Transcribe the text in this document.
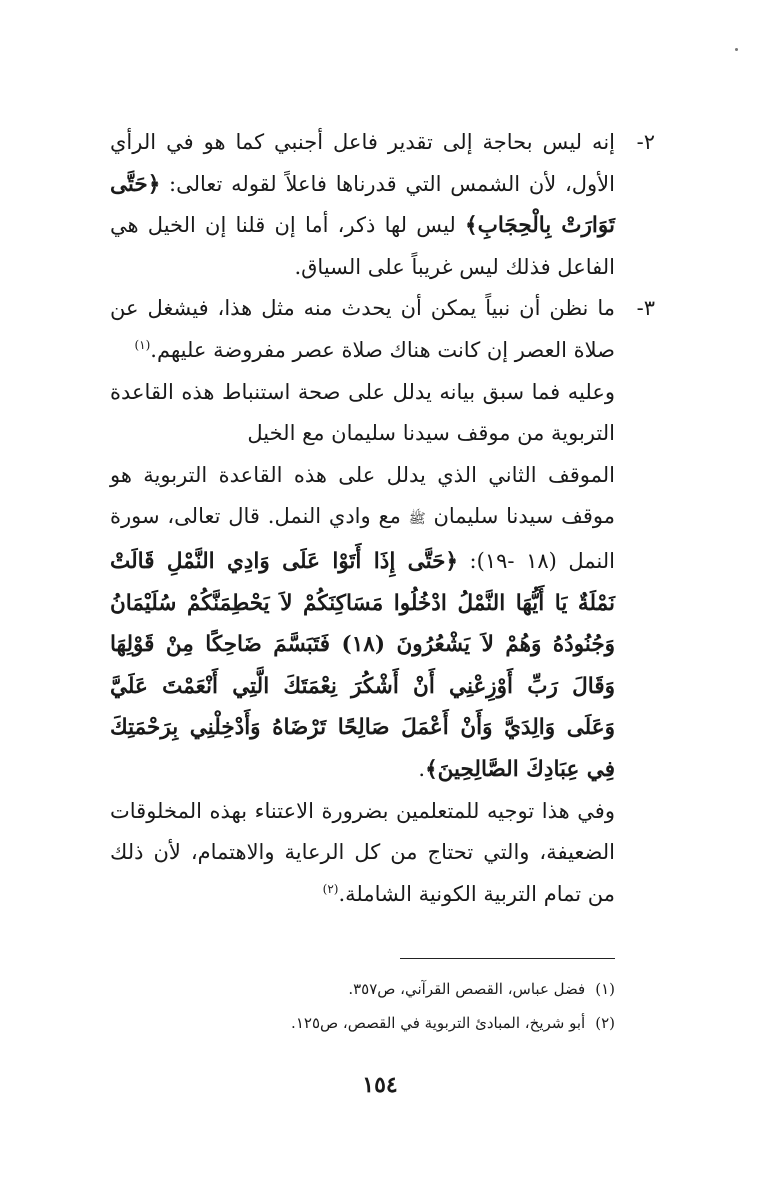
٢-

إنه ليس بحاجة إلى تقدير فاعل أجنبي كما هو في الرأي الأول، لأن الشمس التي قدرناها فاعلاً لقوله تعالى: ﴿حَتَّى تَوَارَتْ بِالْحِجَابِ﴾ ليس لها ذكر، أما إن قلنا إن الخيل هي الفاعل فذلك ليس غريباً على السياق.

٣-

ما نظن أن نبياً يمكن أن يحدث منه مثل هذا، فيشغل عن صلاة العصر إن كانت هناك صلاة عصر مفروضة عليهم.$^{(١)}$

وعليه فما سبق بيانه يدلل على صحة استنباط هذه القاعدة التربوية من موقف سيدنا سليمان مع الخيل

الموقف الثاني الذي يدلل على هذه القاعدة التربوية هو موقف سيدنا سليمان ﷺ مع وادي النمل. قال تعالى، سورة النمل (١٨ -١٩): ﴿حَتَّى إِذَا أَتَوْا عَلَى وَادِي النَّمْلِ قَالَتْ نَمْلَةٌ يَا أَيُّهَا النَّمْلُ ادْخُلُوا مَسَاكِنَكُمْ لاَ يَحْطِمَنَّكُمْ سُلَيْمَانُ وَجُنُودُهُ وَهُمْ لاَ يَشْعُرُونَ (١٨) فَتَبَسَّمَ ضَاحِكًا مِنْ قَوْلِهَا وَقَالَ رَبِّ أَوْزِعْنِي أَنْ أَشْكُرَ نِعْمَتَكَ الَّتِي أَنْعَمْتَ عَلَيَّ وَعَلَى وَالِدَيَّ وَأَنْ أَعْمَلَ صَالِحًا تَرْضَاهُ وَأَدْخِلْنِي بِرَحْمَتِكَ فِي عِبَادِكَ الصَّالِحِينَ﴾.

وفي هذا توجيه للمتعلمين بضرورة الاعتناء بهذه المخلوقات الضعيفة، والتي تحتاج من كل الرعاية والاهتمام، لأن ذلك من تمام التربية الكونية الشاملة.$^{(٢)}$

(١)فضل عباس، القصص القرآني، ص٣٥٧.
(٢)أبو شريخ، المبادئ التربوية في القصص، ص١٢٥.
١٥٤
